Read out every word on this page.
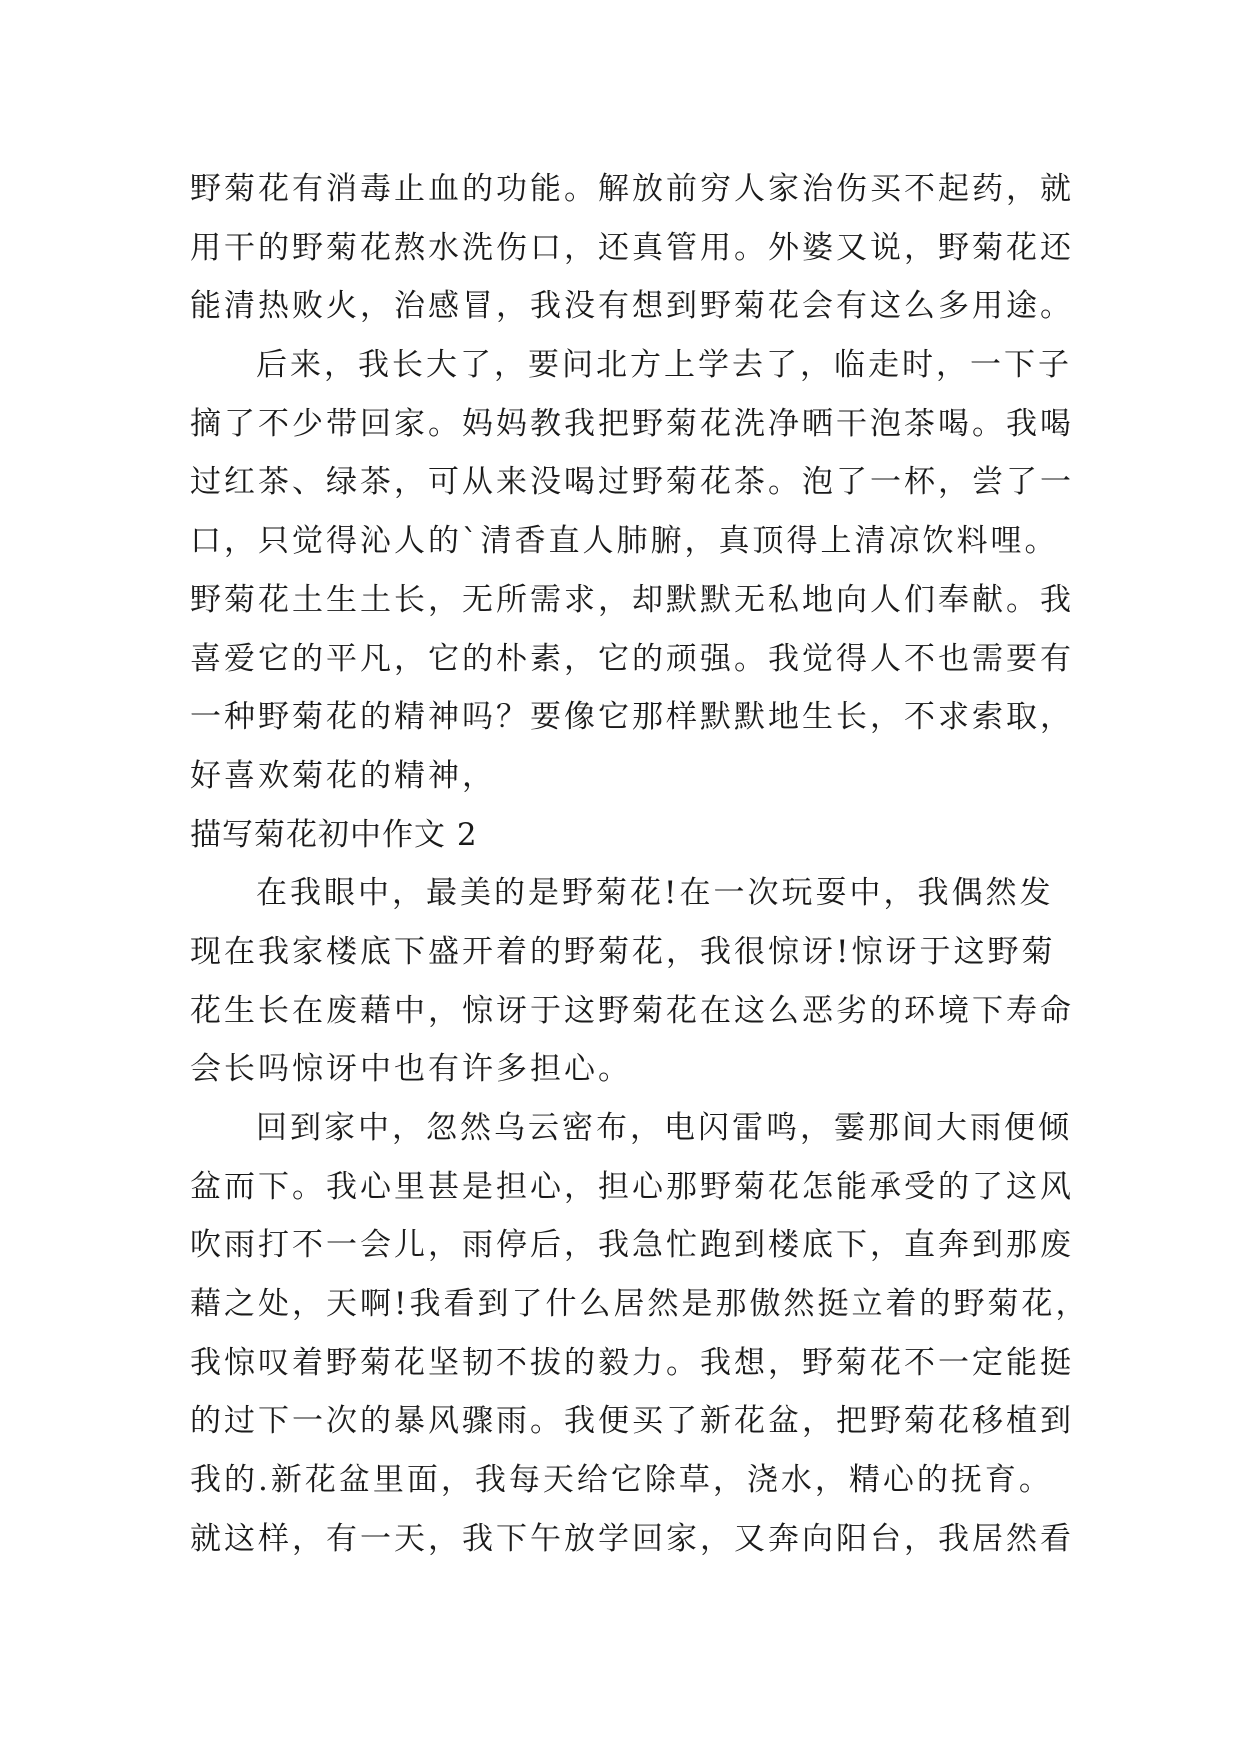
野菊花有消毒止血的功能。解放前穷人家治伤买不起药，就
用干的野菊花熬水洗伤口，还真管用。外婆又说，野菊花还
能清热败火，治感冒，我没有想到野菊花会有这么多用途。
后来，我长大了，要问北方上学去了，临走时，一下子
摘了不少带回家。妈妈教我把野菊花洗净晒干泡茶喝。我喝
过红茶、绿茶，可从来没喝过野菊花茶。泡了一杯，尝了一
口，只觉得沁人的`清香直人肺腑，真顶得上清凉饮料哩。
野菊花土生土长，无所需求，却默默无私地向人们奉献。我
喜爱它的平凡，它的朴素，它的顽强。我觉得人不也需要有
一种野菊花的精神吗？要像它那样默默地生长，不求索取，
好喜欢菊花的精神，
描写菊花初中作文 2
在我眼中，最美的是野菊花!在一次玩耍中，我偶然发
现在我家楼底下盛开着的野菊花，我很惊讶!惊讶于这野菊
花生长在废藉中，惊讶于这野菊花在这么恶劣的环境下寿命
会长吗惊讶中也有许多担心。
回到家中，忽然乌云密布，电闪雷鸣，霎那间大雨便倾
盆而下。我心里甚是担心，担心那野菊花怎能承受的了这风
吹雨打不一会儿，雨停后，我急忙跑到楼底下，直奔到那废
藉之处，天啊!我看到了什么居然是那傲然挺立着的野菊花，
我惊叹着野菊花坚韧不拔的毅力。我想，野菊花不一定能挺
的过下一次的暴风骤雨。我便买了新花盆，把野菊花移植到
我的.新花盆里面，我每天给它除草，浇水，精心的抚育。
就这样，有一天，我下午放学回家，又奔向阳台，我居然看
